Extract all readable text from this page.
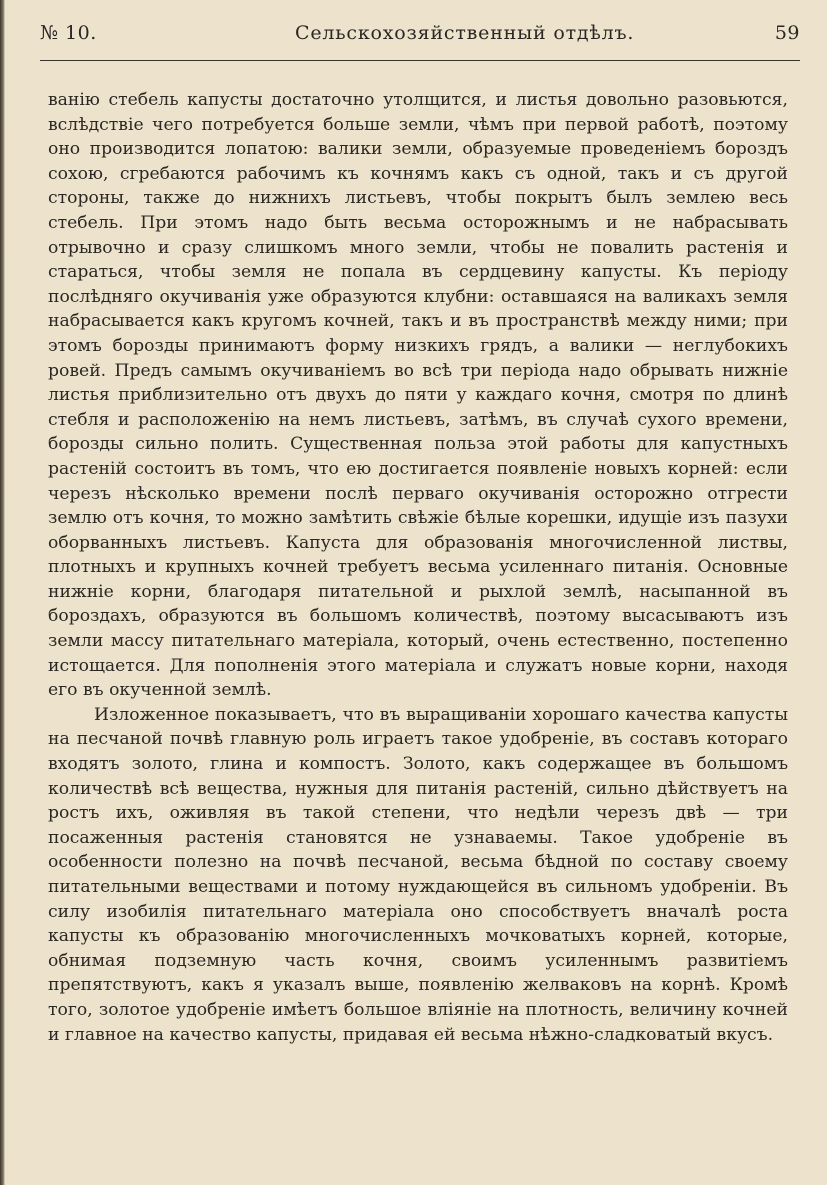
№ 10.	Сельскохозяйственный отдѣлъ.	59

ванію стебель капусты достаточно утолщится, и листья довольно разовьются, вслѣдствіе чего потребуется больше земли, чѣмъ при первой работѣ, поэтому оно производится лопатою: валики земли, образуемые проведеніемъ бороздъ сохою, сгребаются рабочимъ къ кочнямъ какъ съ одной, такъ и съ другой стороны, также до нижнихъ листьевъ, чтобы покрытъ былъ землею весь стебель. При этомъ надо быть весьма осторожнымъ и не набрасывать отрывочно и сразу слишкомъ много земли, чтобы не повалить растенія и стараться, чтобы земля не попала въ сердцевину капусты. Къ періоду послѣдняго окучиванія уже образуются клубни: оставшаяся на валикахъ земля набрасывается какъ кругомъ кочней, такъ и въ пространствѣ между ними; при этомъ борозды принимаютъ форму низкихъ грядъ, а валики — неглубокихъ ровей. Предъ самымъ окучиваніемъ во всѣ три періода надо обрывать нижніе листья приблизительно отъ двухъ до пяти у каждаго кочня, смотря по длинѣ стебля и расположенію на немъ листьевъ, затѣмъ, въ случаѣ сухого времени, борозды сильно полить. Существенная польза этой работы для капустныхъ растеній состоитъ въ томъ, что ею достигается появленіе новыхъ корней: если черезъ нѣсколько времени послѣ перваго окучиванія осторожно отгрести землю отъ кочня, то можно замѣтить свѣжіе бѣлые корешки, идущіе изъ пазухи оборванныхъ листьевъ. Капуста для образованія многочисленной листвы, плотныхъ и крупныхъ кочней требуетъ весьма усиленнаго питанія. Основные нижніе корни, благодаря питательной и рыхлой землѣ, насыпанной въ бороздахъ, образуются въ большомъ количествѣ, поэтому высасываютъ изъ земли массу питательнаго матеріала, который, очень естественно, постепенно истощается. Для пополненія этого матеріала и служатъ новые корни, находя его въ окученной землѣ.

Изложенное показываетъ, что въ выращиваніи хорошаго качества капусты на песчаной почвѣ главную роль играетъ такое удобреніе, въ составъ котораго входятъ золото, глина и компостъ. Золото, какъ содержащее въ большомъ количествѣ всѣ вещества, нужныя для питанія растеній, сильно дѣйствуетъ на ростъ ихъ, оживляя въ такой степени, что недѣли черезъ двѣ — три посаженныя растенія становятся не узнаваемы. Такое удобреніе въ особенности полезно на почвѣ песчаной, весьма бѣдной по составу своему питательными веществами и потому нуждающейся въ сильномъ удобреніи. Въ силу изобилія питательнаго матеріала оно способствуетъ вначалѣ роста капусты къ образованію многочисленныхъ мочковатыхъ корней, которые, обнимая подземную часть кочня, своимъ усиленнымъ развитіемъ препятствуютъ, какъ я указалъ выше, появленію желваковъ на корнѣ. Кромѣ того, золотое удобреніе имѣетъ большое вліяніе на плотность, величину кочней и главное на качество капусты, придавая ей весьма нѣжно-сладковатый вкусъ.
